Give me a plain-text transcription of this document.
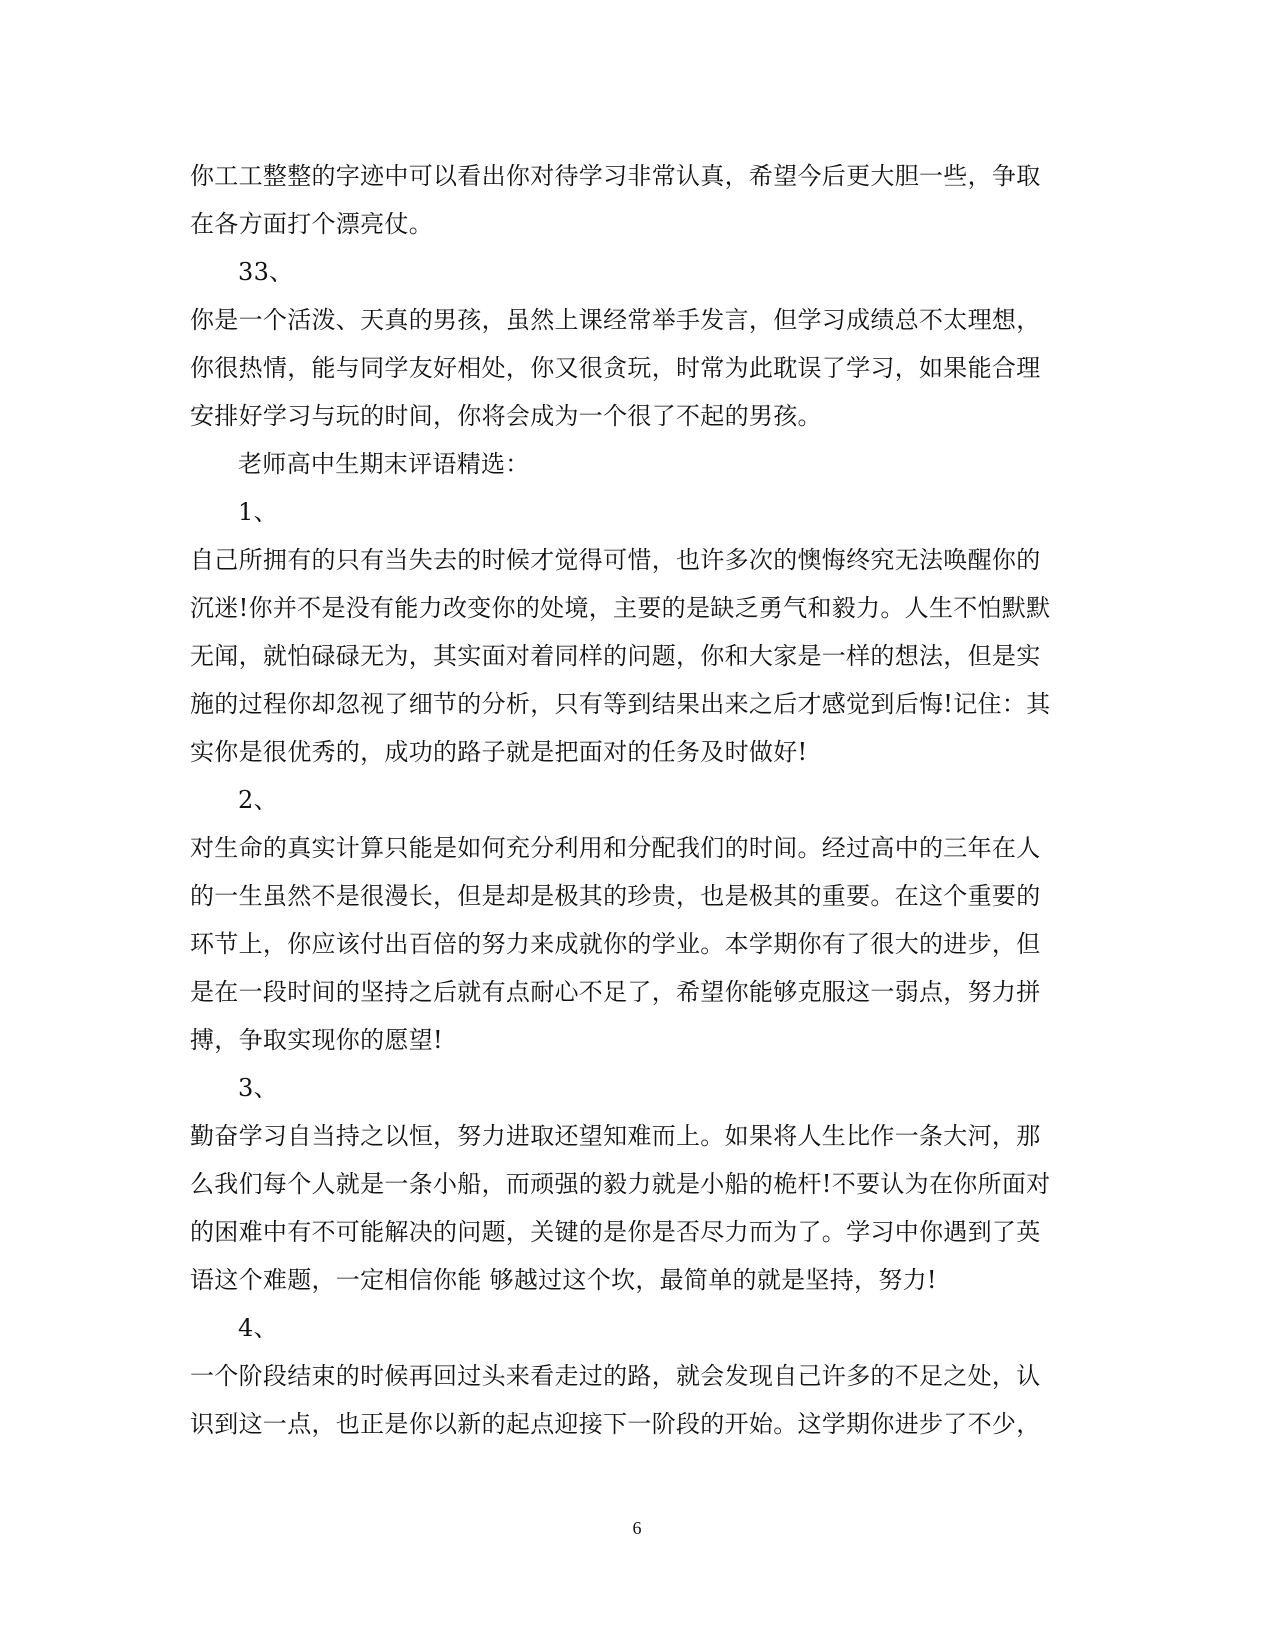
你工工整整的字迹中可以看出你对待学习非常认真，希望今后更大胆一些，争取
在各方面打个漂亮仗。
33、
你是一个活泼、天真的男孩，虽然上课经常举手发言，但学习成绩总不太理想，
你很热情，能与同学友好相处，你又很贪玩，时常为此耽误了学习，如果能合理
安排好学习与玩的时间，你将会成为一个很了不起的男孩。
老师高中生期末评语精选：
1、
自己所拥有的只有当失去的时候才觉得可惜，也许多次的懊悔终究无法唤醒你的
沉迷!你并不是没有能力改变你的处境，主要的是缺乏勇气和毅力。人生不怕默默
无闻，就怕碌碌无为，其实面对着同样的问题，你和大家是一样的想法，但是实
施的过程你却忽视了细节的分析，只有等到结果出来之后才感觉到后悔!记住：其
实你是很优秀的，成功的路子就是把面对的任务及时做好!
2、
对生命的真实计算只能是如何充分利用和分配我们的时间。经过高中的三年在人
的一生虽然不是很漫长，但是却是极其的珍贵，也是极其的重要。在这个重要的
环节上，你应该付出百倍的努力来成就你的学业。本学期你有了很大的进步，但
是在一段时间的坚持之后就有点耐心不足了，希望你能够克服这一弱点，努力拼
搏，争取实现你的愿望!
3、
勤奋学习自当持之以恒，努力进取还望知难而上。如果将人生比作一条大河，那
么我们每个人就是一条小船，而顽强的毅力就是小船的桅杆!不要认为在你所面对
的困难中有不可能解决的问题，关键的是你是否尽力而为了。学习中你遇到了英
语这个难题，一定相信你能 够越过这个坎，最简单的就是坚持，努力!
4、
一个阶段结束的时候再回过头来看走过的路，就会发现自己许多的不足之处，认
识到这一点，也正是你以新的起点迎接下一阶段的开始。这学期你进步了不少，
6
